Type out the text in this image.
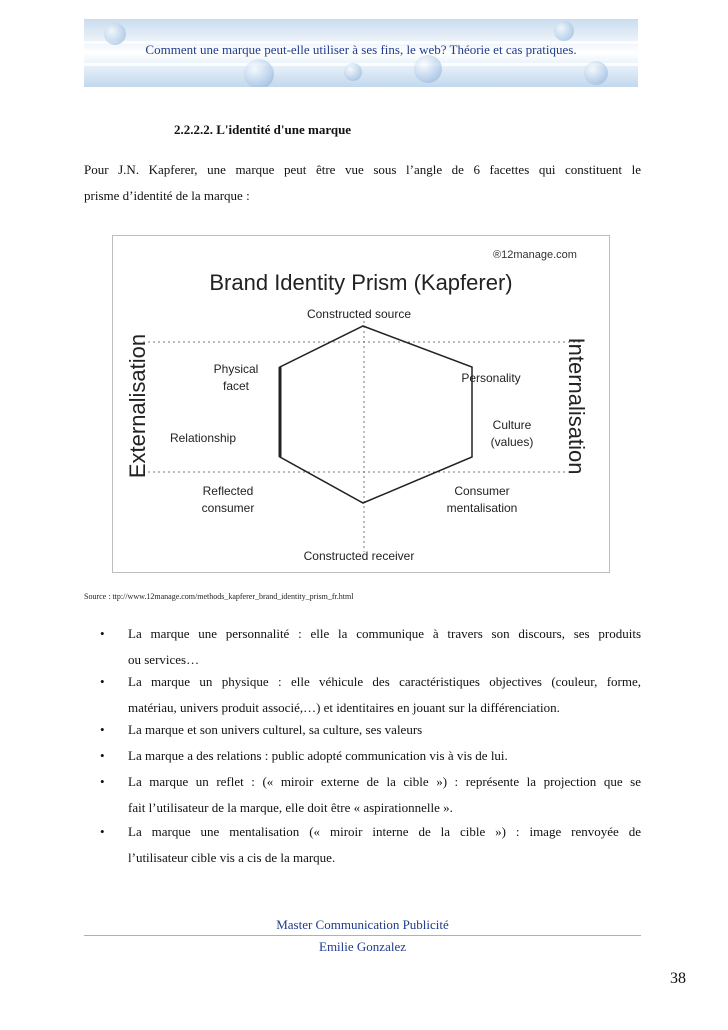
Comment une marque peut-elle utiliser à ses fins, le web? Théorie et cas pratiques.
2.2.2.2. L'identité d'une marque
Pour J.N. Kapferer, une marque peut être vue sous l’angle de 6 facettes qui constituent le
prisme d’identité de la marque :
®12manage.com
Brand Identity Prism (Kapferer)
Constructed source
Constructed receiver
Externalisation	Internalisation
Physical
facet
Personality
Relationship
Culture
(values)
Reflected
consumer
Consumer
mentalisation
Source : ttp://www.12manage.com/methods_kapferer_brand_identity_prism_fr.html
•	La marque une personnalité : elle la communique à travers son discours, ses produits
ou services…
•	La marque un physique : elle véhicule des caractéristiques objectives (couleur, forme,
matériau, univers produit associé,…) et identitaires en jouant sur la différenciation.
•	La marque et son univers culturel, sa culture, ses valeurs
•	La marque a des relations : public adopté communication vis à vis de lui.
•	La marque un reflet : (« miroir externe de la cible ») : représente la projection que se
fait l’utilisateur de la marque, elle doit être « aspirationnelle ».
•	La marque une mentalisation (« miroir interne de la cible ») : image renvoyée de
l’utilisateur cible vis a cis de la marque.
Master Communication Publicité
Emilie Gonzalez
38
